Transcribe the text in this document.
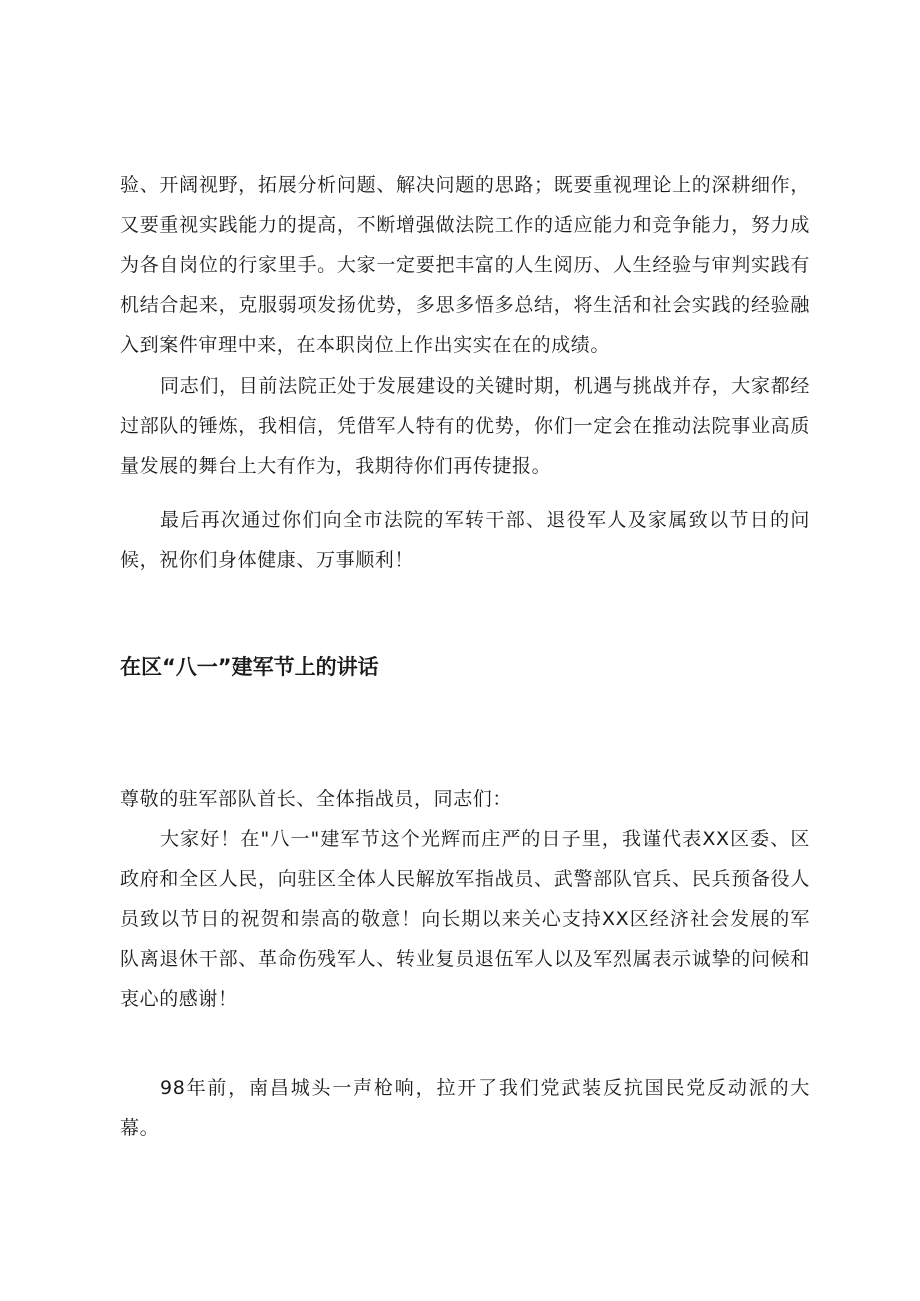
验、开阔视野，拓展分析问题、解决问题的思路；既要重视理论上的深耕细作，又要重视实践能力的提高，不断增强做法院工作的适应能力和竞争能力，努力成为各自岗位的行家里手。大家一定要把丰富的人生阅历、人生经验与审判实践有机结合起来，克服弱项发扬优势，多思多悟多总结，将生活和社会实践的经验融入到案件审理中来，在本职岗位上作出实实在在的成绩。

同志们，目前法院正处于发展建设的关键时期，机遇与挑战并存，大家都经过部队的锤炼，我相信，凭借军人特有的优势，你们一定会在推动法院事业高质量发展的舞台上大有作为，我期待你们再传捷报。

最后再次通过你们向全市法院的军转干部、退役军人及家属致以节日的问候，祝你们身体健康、万事顺利！

在区“八一”建军节上的讲话

尊敬的驻军部队首长、全体指战员，同志们：

大家好！在"八一"建军节这个光辉而庄严的日子里，我谨代表XX区委、区政府和全区人民，向驻区全体人民解放军指战员、武警部队官兵、民兵预备役人员致以节日的祝贺和崇高的敬意！向长期以来关心支持XX区经济社会发展的军队离退休干部、革命伤残军人、转业复员退伍军人以及军烈属表示诚挚的问候和衷心的感谢！

98年前，南昌城头一声枪响，拉开了我们党武装反抗国民党反动派的大幕。
